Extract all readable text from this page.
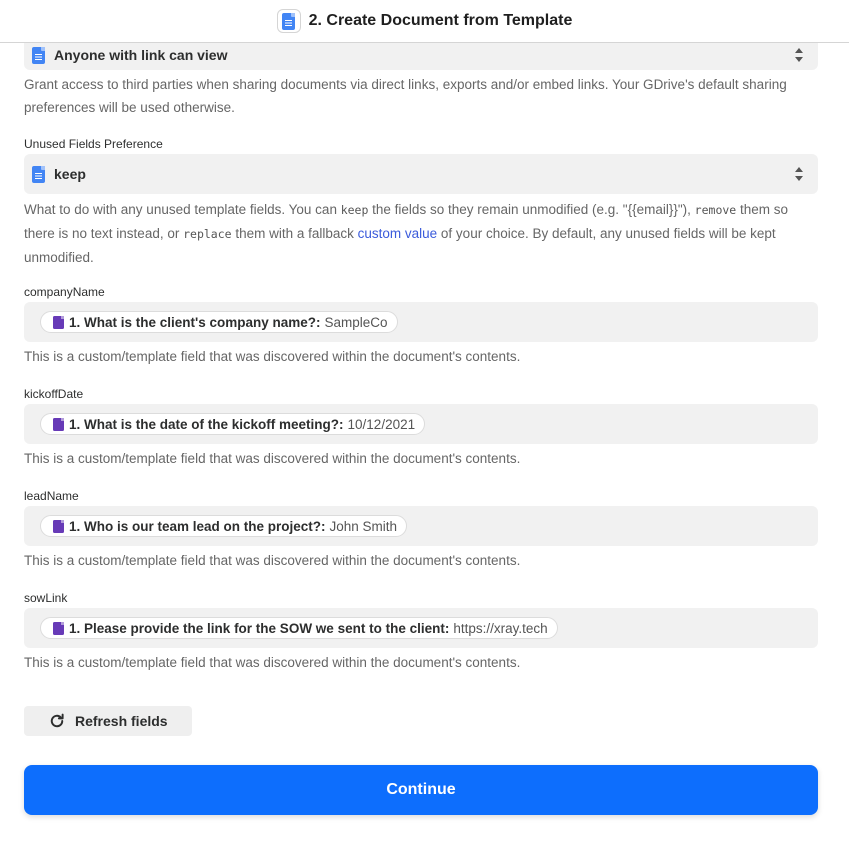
2. Create Document from Template
Anyone with link can view
Grant access to third parties when sharing documents via direct links, exports and/or embed links. Your GDrive's default sharing preferences will be used otherwise.
Unused Fields Preference
keep
What to do with any unused template fields. You can keep the fields so they remain unmodified (e.g. "{{email}}"), remove them so there is no text instead, or replace them with a fallback custom value of your choice. By default, any unused fields will be kept unmodified.
companyName
1. What is the client's company name?: SampleCo
This is a custom/template field that was discovered within the document's contents.
kickoffDate
1. What is the date of the kickoff meeting?: 10/12/2021
This is a custom/template field that was discovered within the document's contents.
leadName
1. Who is our team lead on the project?: John Smith
This is a custom/template field that was discovered within the document's contents.
sowLink
1. Please provide the link for the SOW we sent to the client: https://xray.tech
This is a custom/template field that was discovered within the document's contents.
Refresh fields
Continue
